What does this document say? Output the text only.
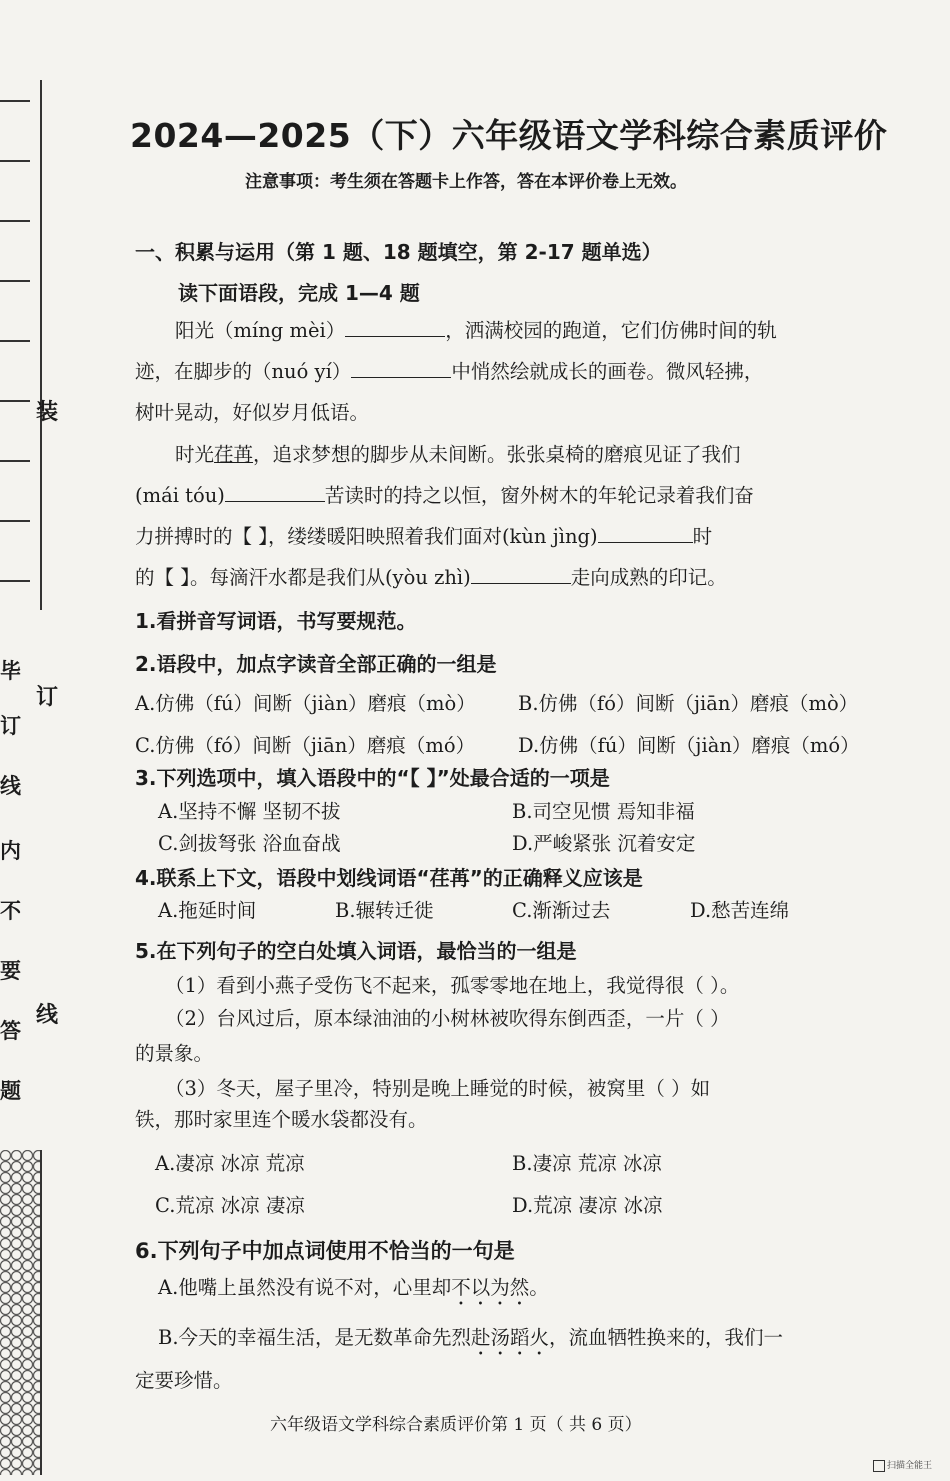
装
订
线
毕
订
线
内
不
要
答
题
2024—2025（下）六年级语文学科综合素质评价
注意事项：考生须在答题卡上作答，答在本评价卷上无效。
一、积累与运用（第 1 题、18 题填空，第 2-17 题单选）
读下面语段，完成 1—4 题
阳光（míng mèi）	，洒满校园的跑道，它们仿佛时间的轨
迹，在脚步的（nuó yí）	中悄然绘就成长的画卷。微风轻拂，
树叶晃动，好似岁月低语。
时光荏苒，追求梦想的脚步从未间断。张张桌椅的磨痕见证了我们
(mái tóu)	苦读时的持之以恒，窗外树木的年轮记录着我们奋
力拼搏时的【 】，缕缕暖阳映照着我们面对(kùn jìng)	时
的【 】。每滴汗水都是我们从(yòu zhì)	走向成熟的印记。
1.看拼音写词语，书写要规范。
2.语段中，加点字读音全部正确的一组是
A.仿佛（fú）间断（jiàn）磨痕（mò） B.仿佛（fó）间断（jiān）磨痕（mò）
C.仿佛（fó）间断（jiān）磨痕（mó） D.仿佛（fú）间断（jiàn）磨痕（mó）
3.下列选项中，填入语段中的“【 】”处最合适的一项是
A.坚持不懈 坚韧不拔	B.司空见惯 焉知非福
C.剑拔弩张 浴血奋战	D.严峻紧张 沉着安定
4.联系上下文，语段中划线词语“荏苒”的正确释义应该是
A.拖延时间	B.辗转迁徙	C.渐渐过去	D.愁苦连绵
5.在下列句子的空白处填入词语，最恰当的一组是
（1）看到小燕子受伤飞不起来，孤零零地在地上，我觉得很（ ）。
（2）台风过后，原本绿油油的小树林被吹得东倒西歪，一片（ ）
的景象。
（3）冬天，屋子里冷，特别是晚上睡觉的时候，被窝里（ ）如
铁，那时家里连个暖水袋都没有。
A.凄凉 冰凉 荒凉	B.凄凉 荒凉 冰凉
C.荒凉 冰凉 凄凉	D.荒凉 凄凉 冰凉
6.下列句子中加点词使用不恰当的一句是
A.他嘴上虽然没有说不对，心里却不以为然。
B.今天的幸福生活，是无数革命先烈赴汤蹈火，流血牺牲换来的，我们一
定要珍惜。
六年级语文学科综合素质评价第 1 页（ 共 6 页）
扫描全能王
